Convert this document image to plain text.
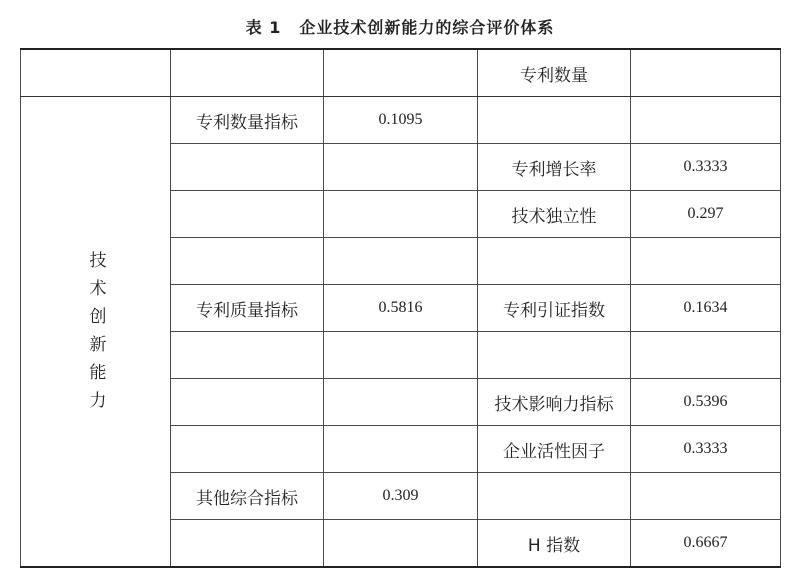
表 1 企业技术创新能力的综合评价体系
			专利数量	
技术创新能力	专利数量指标	0.1095		
			专利增长率	0.3333
			技术独立性	0.297

	专利质量指标	0.5816	专利引证指数	0.1634

			技术影响力指标	0.5396
			企业活性因子	0.3333
	其他综合指标	0.309		
			H 指数	0.6667
